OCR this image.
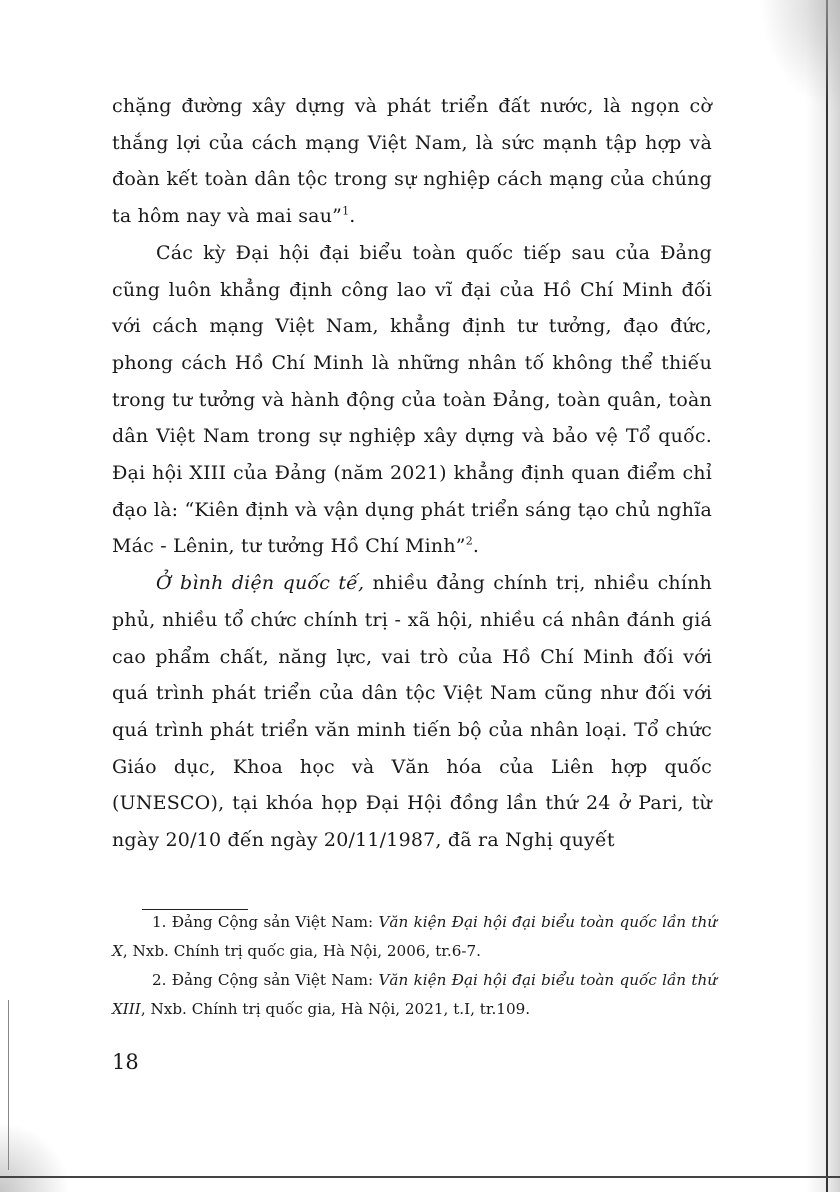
chặng đường xây dựng và phát triển đất nước, là ngọn cờ thắng lợi của cách mạng Việt Nam, là sức mạnh tập hợp và đoàn kết toàn dân tộc trong sự nghiệp cách mạng của chúng ta hôm nay và mai sau”$^1$.

Các kỳ Đại hội đại biểu toàn quốc tiếp sau của Đảng cũng luôn khẳng định công lao vĩ đại của Hồ Chí Minh đối với cách mạng Việt Nam, khẳng định tư tưởng, đạo đức, phong cách Hồ Chí Minh là những nhân tố không thể thiếu trong tư tưởng và hành động của toàn Đảng, toàn quân, toàn dân Việt Nam trong sự nghiệp xây dựng và bảo vệ Tổ quốc. Đại hội XIII của Đảng (năm 2021) khẳng định quan điểm chỉ đạo là: “Kiên định và vận dụng phát triển sáng tạo chủ nghĩa Mác - Lênin, tư tưởng Hồ Chí Minh”$^2$.

Ở bình diện quốc tế, nhiều đảng chính trị, nhiều chính phủ, nhiều tổ chức chính trị - xã hội, nhiều cá nhân đánh giá cao phẩm chất, năng lực, vai trò của Hồ Chí Minh đối với quá trình phát triển của dân tộc Việt Nam cũng như đối với quá trình phát triển văn minh tiến bộ của nhân loại. Tổ chức Giáo dục, Khoa học và Văn hóa của Liên hợp quốc (UNESCO), tại khóa họp Đại Hội đồng lần thứ 24 ở Pari, từ ngày 20/10 đến ngày 20/11/1987, đã ra Nghị quyết

1. Đảng Cộng sản Việt Nam: Văn kiện Đại hội đại biểu toàn quốc lần thứ X, Nxb. Chính trị quốc gia, Hà Nội, 2006, tr.6-7.

2. Đảng Cộng sản Việt Nam: Văn kiện Đại hội đại biểu toàn quốc lần thứ XIII, Nxb. Chính trị quốc gia, Hà Nội, 2021, t.I, tr.109.

18
